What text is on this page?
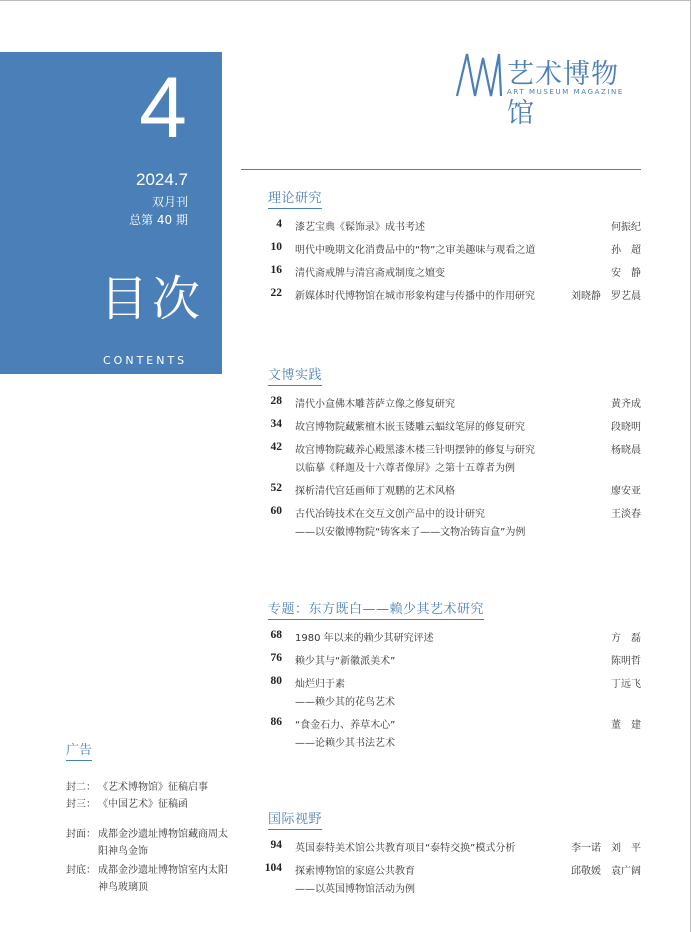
4
2024.7
双月刊
总第 40 期
目次
CONTENTS
艺术博物馆
ART MUSEUM MAGAZINE
理论研究
4 漆艺宝典《髹饰录》成书考述	何振纪
10 明代中晚期文化消费品中的“物”之审美趣味与观看之道	孙　超
16 清代斋戒牌与清宫斋戒制度之嬗变	安　静
22 新媒体时代博物馆在城市形象构建与传播中的作用研究	刘晓静　罗艺晨
文博实践
28 清代小盒佛木雕菩萨立像之修复研究	黄齐成
34 故宫博物院藏紫檀木嵌玉镂雕云蝠纹笔屏的修复研究	段晓明
42 故宫博物院藏养心殿黑漆木楼三针明摆钟的修复与研究
以临摹《释迦及十六尊者像屏》之第十五尊者为例
杨晓晨
52 探析清代宫廷画师丁观鹏的艺术风格	廖安亚
60 古代冶铸技术在交互文创产品中的设计研究
——以安徽博物院“铸客来了——文物冶铸盲盒”为例
王淡春
专题：东方既白——赖少其艺术研究
68 1980 年以来的赖少其研究评述	方　磊
76 赖少其与“新徽派美术”	陈明哲
80 灿烂归于素
——赖少其的花鸟艺术
丁远飞
86 “食金石力、养草木心”
——论赖少其书法艺术
董　建
国际视野
94 英国泰特美术馆公共教育项目“泰特交换”模式分析	李一诺　刘　平
104 探索博物馆的家庭公共教育
——以英国博物馆活动为例
邱敬媛　袁广阔
广告
封二： 《艺术博物馆》征稿启事
封三： 《中国艺术》征稿函
封面： 成都金沙遗址博物馆藏商周太阳神鸟金饰
封底： 成都金沙遗址博物馆室内太阳神鸟玻璃顶
